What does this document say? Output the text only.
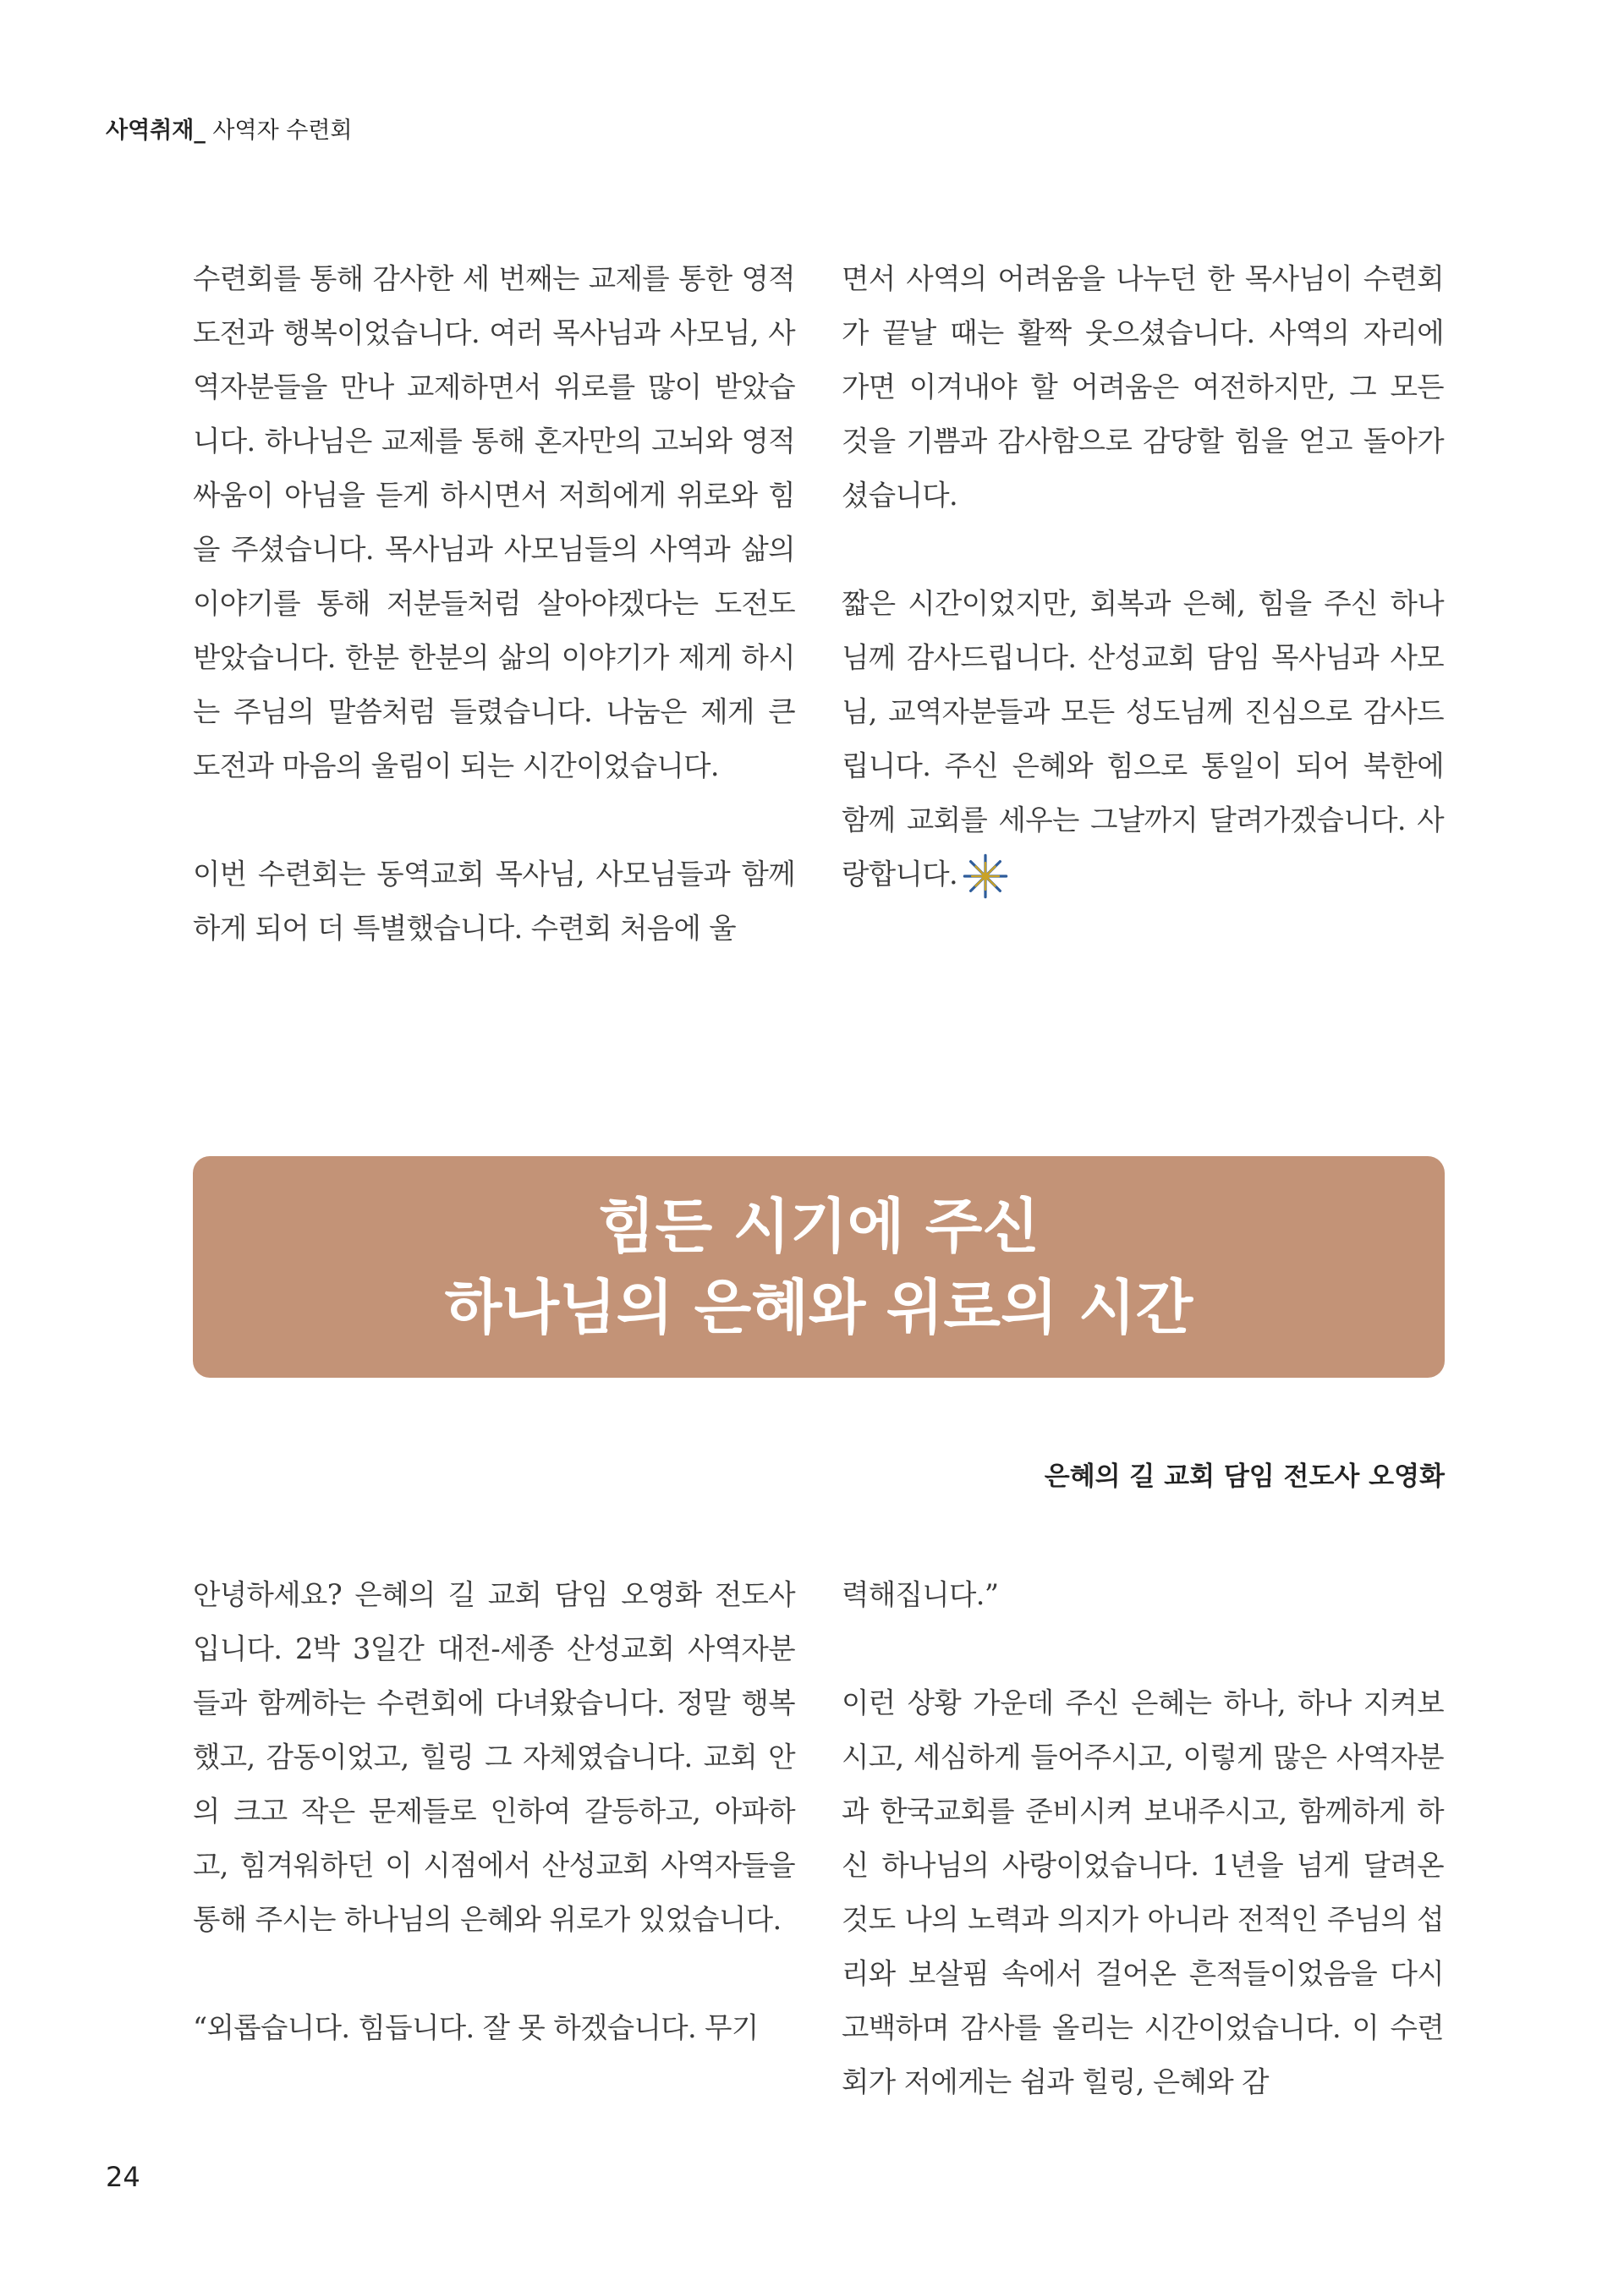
사역취재_ 사역자 수련회

수련회를 통해 감사한 세 번째는 교제를 통한 영적 도전과 행복이었습니다. 여러 목사님과 사모님, 사역자분들을 만나 교제하면서 위로를 많이 받았습니다. 하나님은 교제를 통해 혼자만의 고뇌와 영적 싸움이 아님을 듣게 하시면서 저희에게 위로와 힘을 주셨습니다. 목사님과 사모님들의 사역과 삶의 이야기를 통해 저분들처럼 살아야겠다는 도전도 받았습니다. 한분 한분의 삶의 이야기가 제게 하시는 주님의 말씀처럼 들렸습니다. 나눔은 제게 큰 도전과 마음의 울림이 되는 시간이었습니다.

이번 수련회는 동역교회 목사님, 사모님들과 함께하게 되어 더 특별했습니다. 수련회 처음에 울

면서 사역의 어려움을 나누던 한 목사님이 수련회가 끝날 때는 활짝 웃으셨습니다. 사역의 자리에 가면 이겨내야 할 어려움은 여전하지만, 그 모든 것을 기쁨과 감사함으로 감당할 힘을 얻고 돌아가셨습니다.

짧은 시간이었지만, 회복과 은혜, 힘을 주신 하나님께 감사드립니다. 산성교회 담임 목사님과 사모님, 교역자분들과 모든 성도님께 진심으로 감사드립니다. 주신 은혜와 힘으로 통일이 되어 북한에 함께 교회를 세우는 그날까지 달려가겠습니다. 사랑합니다.

힘든 시기에 주신
하나님의 은혜와 위로의 시간
은혜의 길 교회 담임 전도사 오영화

안녕하세요? 은혜의 길 교회 담임 오영화 전도사입니다. 2박 3일간 대전-세종 산성교회 사역자분들과 함께하는 수련회에 다녀왔습니다. 정말 행복했고, 감동이었고, 힐링 그 자체였습니다. 교회 안의 크고 작은 문제들로 인하여 갈등하고, 아파하고, 힘겨워하던 이 시점에서 산성교회 사역자들을 통해 주시는 하나님의 은혜와 위로가 있었습니다.

“외롭습니다. 힘듭니다. 잘 못 하겠습니다. 무기

력해집니다.”

이런 상황 가운데 주신 은혜는 하나, 하나 지켜보시고, 세심하게 들어주시고, 이렇게 많은 사역자분과 한국교회를 준비시켜 보내주시고, 함께하게 하신 하나님의 사랑이었습니다. 1년을 넘게 달려온 것도 나의 노력과 의지가 아니라 전적인 주님의 섭리와 보살핌 속에서 걸어온 흔적들이었음을 다시 고백하며 감사를 올리는 시간이었습니다. 이 수련회가 저에게는 쉼과 힐링, 은혜와 감

24
